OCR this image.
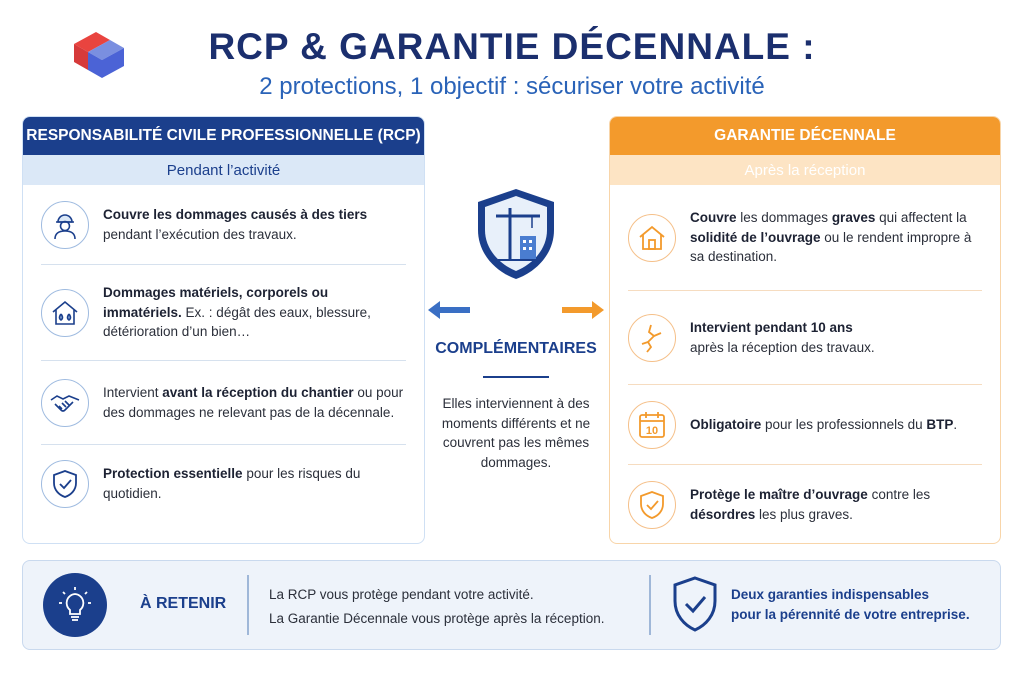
RCP & GARANTIE DÉCENNALE :
2 protections, 1 objectif : sécuriser votre activité
RESPONSABILITÉ CIVILE PROFESSIONNELLE (RCP)
Pendant l’activité
Couvre les dommages causés à des tiers
pendant l’exécution des travaux.
Dommages matériels, corporels ou immatériels. Ex. : dégât des eaux, blessure, détérioration d’un bien…
Intervient avant la réception du chantier ou pour des dommages ne relevant pas de la décennale.
Protection essentielle pour les risques du quotidien.
COMPLÉMENTAIRES
Elles interviennent à des moments différents et ne couvrent pas les mêmes dommages.
GARANTIE DÉCENNALE
Après la réception
Couvre les dommages graves qui affectent la solidité de l’ouvrage ou le rendent impropre à sa destination.
Intervient pendant 10 ans
après la réception des travaux.
10 Obligatoire pour les professionnels du BTP.
Protège le maître d’ouvrage contre les désordres les plus graves.
À RETENIR
La RCP vous protège pendant votre activité.
La Garantie Décennale vous protège après la réception.
Deux garanties indispensables
pour la pérennité de votre entreprise.
